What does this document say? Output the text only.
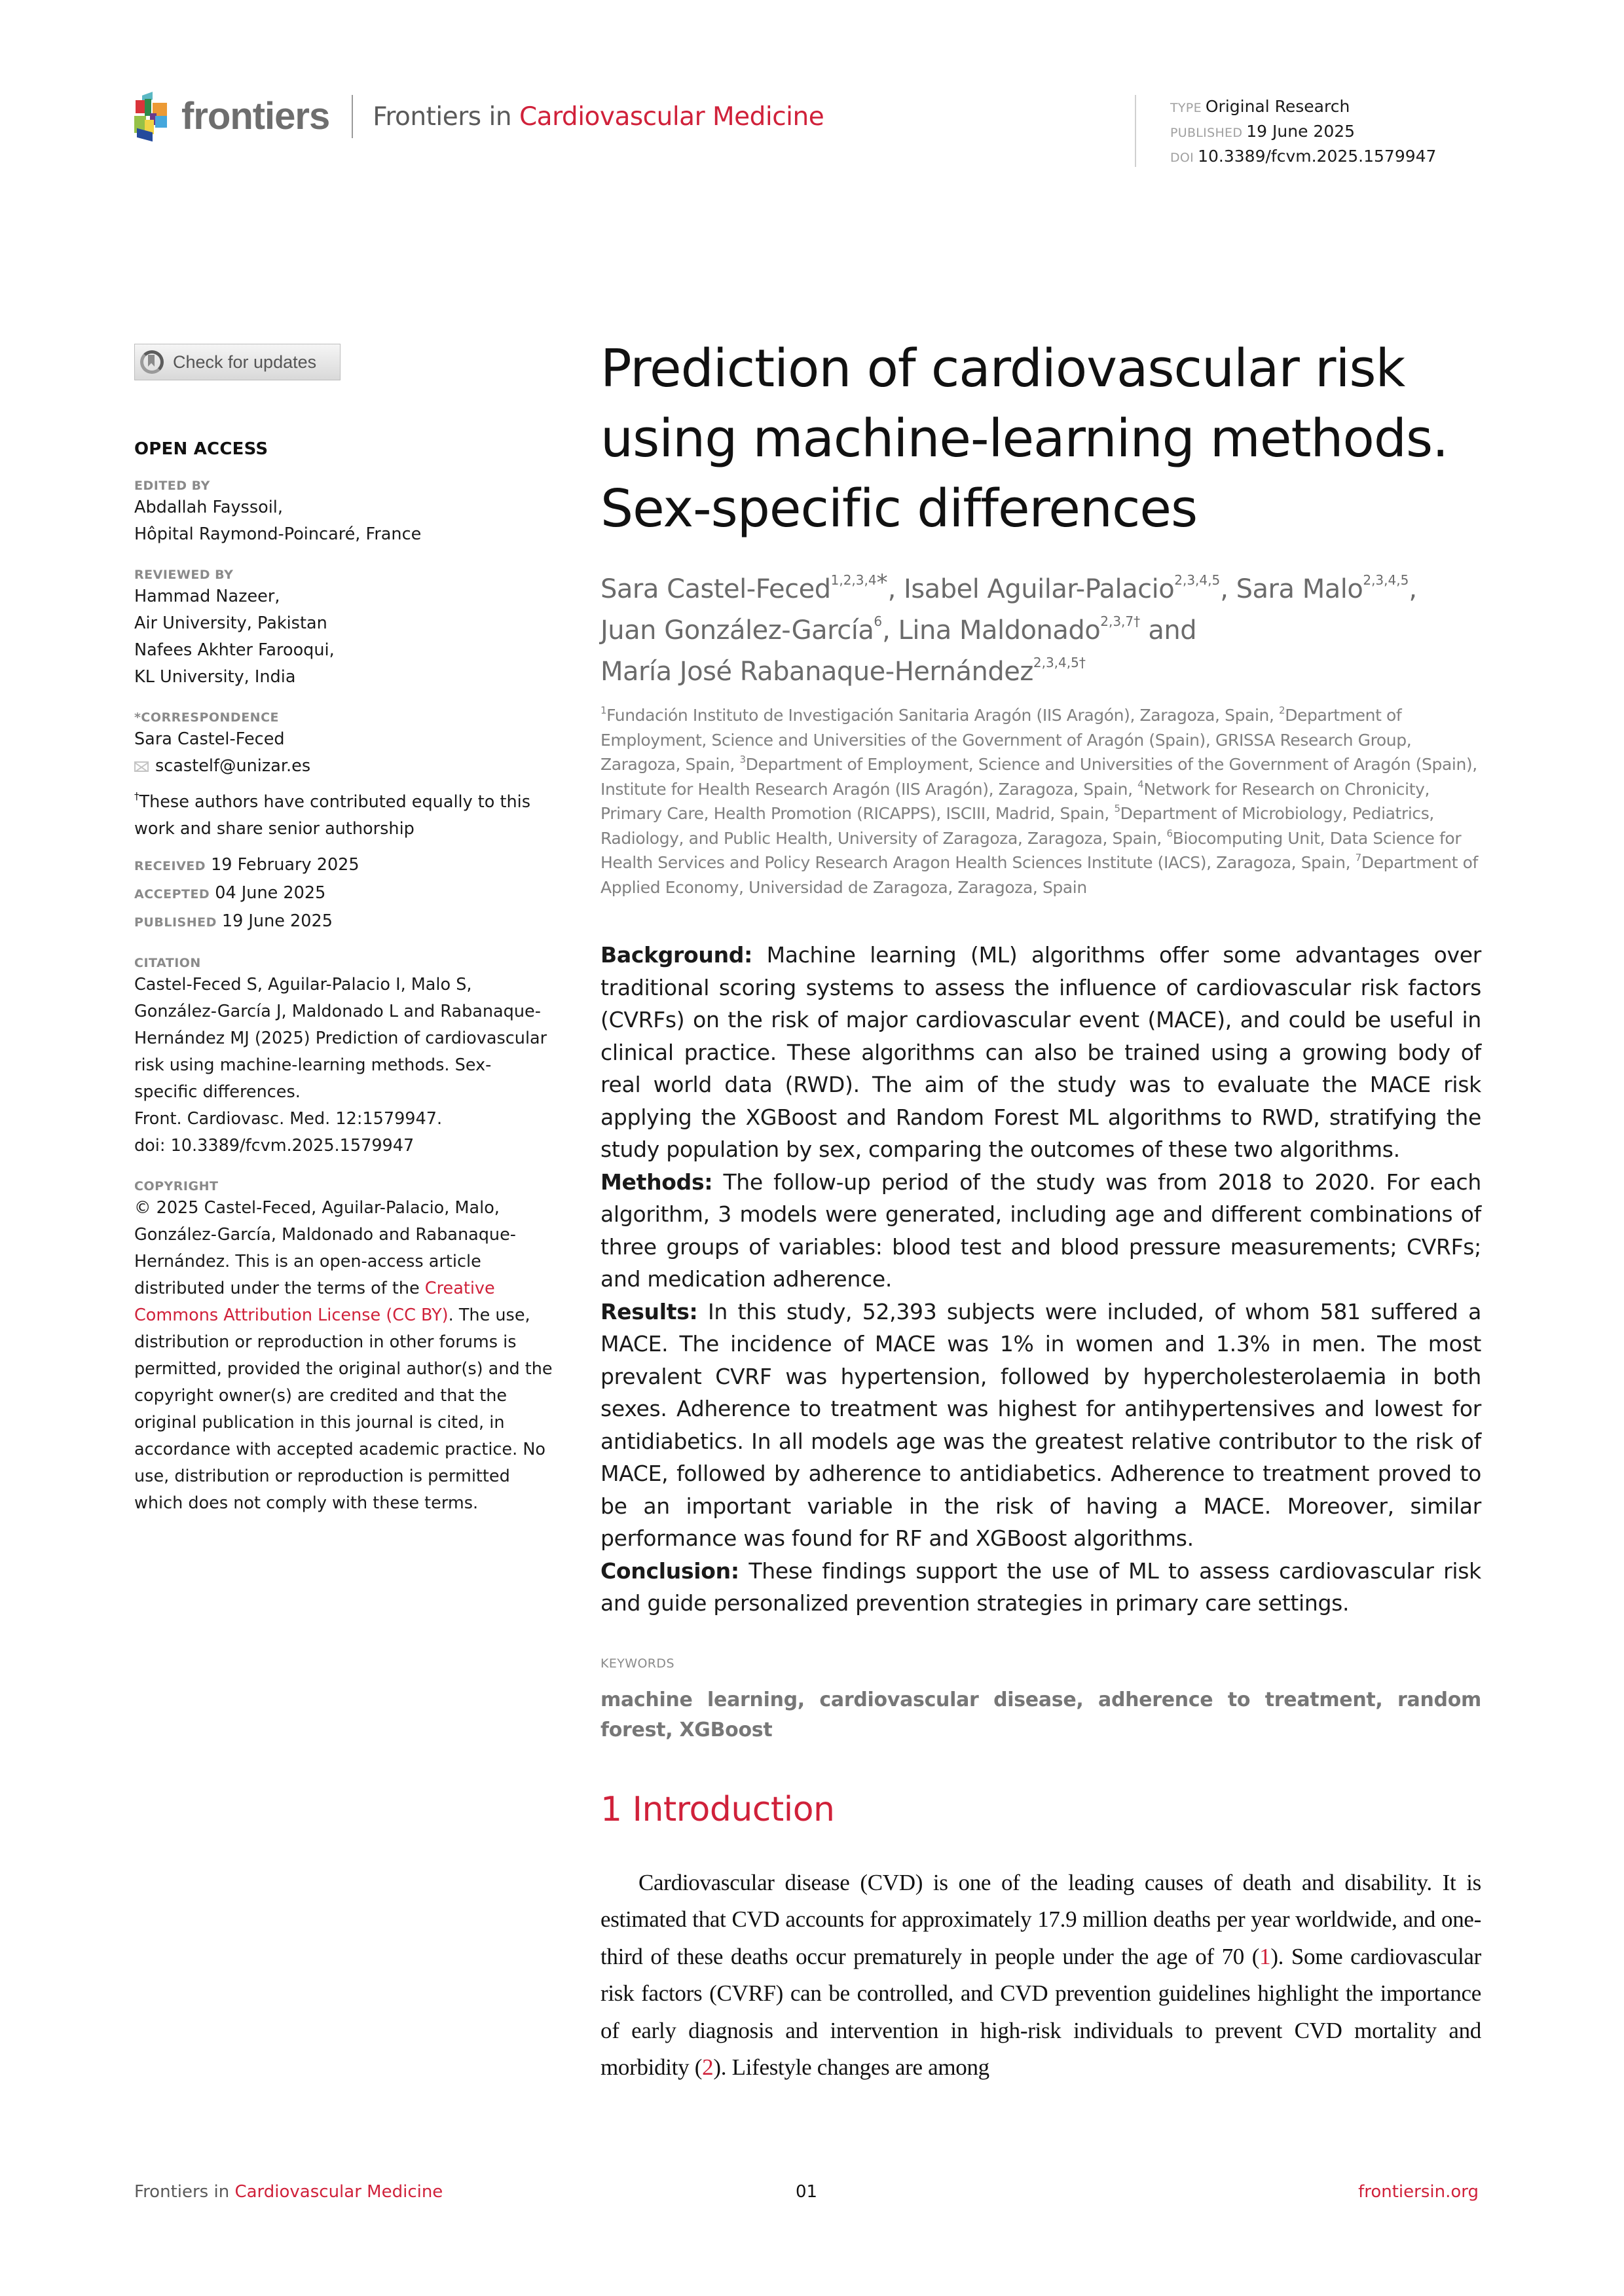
frontiers Frontiers in Cardiovascular Medicine	TYPE Original Research
PUBLISHED 19 June 2025
DOI 10.3389/fcvm.2025.1579947
Check for updates
OPEN ACCESS
EDITED BY
Abdallah Fayssoil,
Hôpital Raymond-Poincaré, France
REVIEWED BY
Hammad Nazeer,
Air University, Pakistan
Nafees Akhter Farooqui,
KL University, India
*CORRESPONDENCE
Sara Castel-Feced
scastelf@unizar.es
†These authors have contributed equally to this work and share senior authorship
RECEIVED 19 February 2025
ACCEPTED 04 June 2025
PUBLISHED 19 June 2025
CITATION
Castel-Feced S, Aguilar-Palacio I, Malo S, González-García J, Maldonado L and Rabanaque-Hernández MJ (2025) Prediction of cardiovascular risk using machine-learning methods. Sex-specific differences.
Front. Cardiovasc. Med. 12:1579947.
doi: 10.3389/fcvm.2025.1579947
COPYRIGHT
© 2025 Castel-Feced, Aguilar-Palacio, Malo, González-García, Maldonado and Rabanaque-Hernández. This is an open-access article distributed under the terms of the Creative Commons Attribution License (CC BY). The use, distribution or reproduction in other forums is permitted, provided the original author(s) and the copyright owner(s) are credited and that the original publication in this journal is cited, in accordance with accepted academic practice. No use, distribution or reproduction is permitted which does not comply with these terms.
Prediction of cardiovascular risk using machine-learning methods. Sex-specific differences
Sara Castel-Feced$^{1,2,3,4*}$, Isabel Aguilar-Palacio$^{2,3,4,5}$, Sara Malo$^{2,3,4,5}$,
Juan González-García$^6$, Lina Maldonado$^{2,3,7\dagger}$ and
María José Rabanaque-Hernández$^{2,3,4,5\dagger}$
$^1$Fundación Instituto de Investigación Sanitaria Aragón (IIS Aragón), Zaragoza, Spain, $^2$Department of Employment, Science and Universities of the Government of Aragón (Spain), GRISSA Research Group, Zaragoza, Spain, $^3$Department of Employment, Science and Universities of the Government of Aragón (Spain), Institute for Health Research Aragón (IIS Aragón), Zaragoza, Spain, $^4$Network for Research on Chronicity, Primary Care, Health Promotion (RICAPPS), ISCIII, Madrid, Spain, $^5$Department of Microbiology, Pediatrics, Radiology, and Public Health, University of Zaragoza, Zaragoza, Spain, $^6$Biocomputing Unit, Data Science for Health Services and Policy Research Aragon Health Sciences Institute (IACS), Zaragoza, Spain, $^7$Department of Applied Economy, Universidad de Zaragoza, Zaragoza, Spain

Background: Machine learning (ML) algorithms offer some advantages over traditional scoring systems to assess the influence of cardiovascular risk factors (CVRFs) on the risk of major cardiovascular event (MACE), and could be useful in clinical practice. These algorithms can also be trained using a growing body of real world data (RWD). The aim of the study was to evaluate the MACE risk applying the XGBoost and Random Forest ML algorithms to RWD, stratifying the study population by sex, comparing the outcomes of these two algorithms.

Methods: The follow-up period of the study was from 2018 to 2020. For each algorithm, 3 models were generated, including age and different combinations of three groups of variables: blood test and blood pressure measurements; CVRFs; and medication adherence.

Results: In this study, 52,393 subjects were included, of whom 581 suffered a MACE. The incidence of MACE was 1% in women and 1.3% in men. The most prevalent CVRF was hypertension, followed by hypercholesterolaemia in both sexes. Adherence to treatment was highest for antihypertensives and lowest for antidiabetics. In all models age was the greatest relative contributor to the risk of MACE, followed by adherence to antidiabetics. Adherence to treatment proved to be an important variable in the risk of having a MACE. Moreover, similar performance was found for RF and XGBoost algorithms.

Conclusion: These findings support the use of ML to assess cardiovascular risk and guide personalized prevention strategies in primary care settings.

KEYWORDS
machine learning, cardiovascular disease, adherence to treatment, random forest, XGBoost
1 Introduction

Cardiovascular disease (CVD) is one of the leading causes of death and disability. It is estimated that CVD accounts for approximately 17.9 million deaths per year worldwide, and one-third of these deaths occur prematurely in people under the age of 70 (1). Some cardiovascular risk factors (CVRF) can be controlled, and CVD prevention guidelines highlight the importance of early diagnosis and intervention in high-risk individuals to prevent CVD mortality and morbidity (2). Lifestyle changes are among

Frontiers in Cardiovascular Medicine	01	frontiersin.org
